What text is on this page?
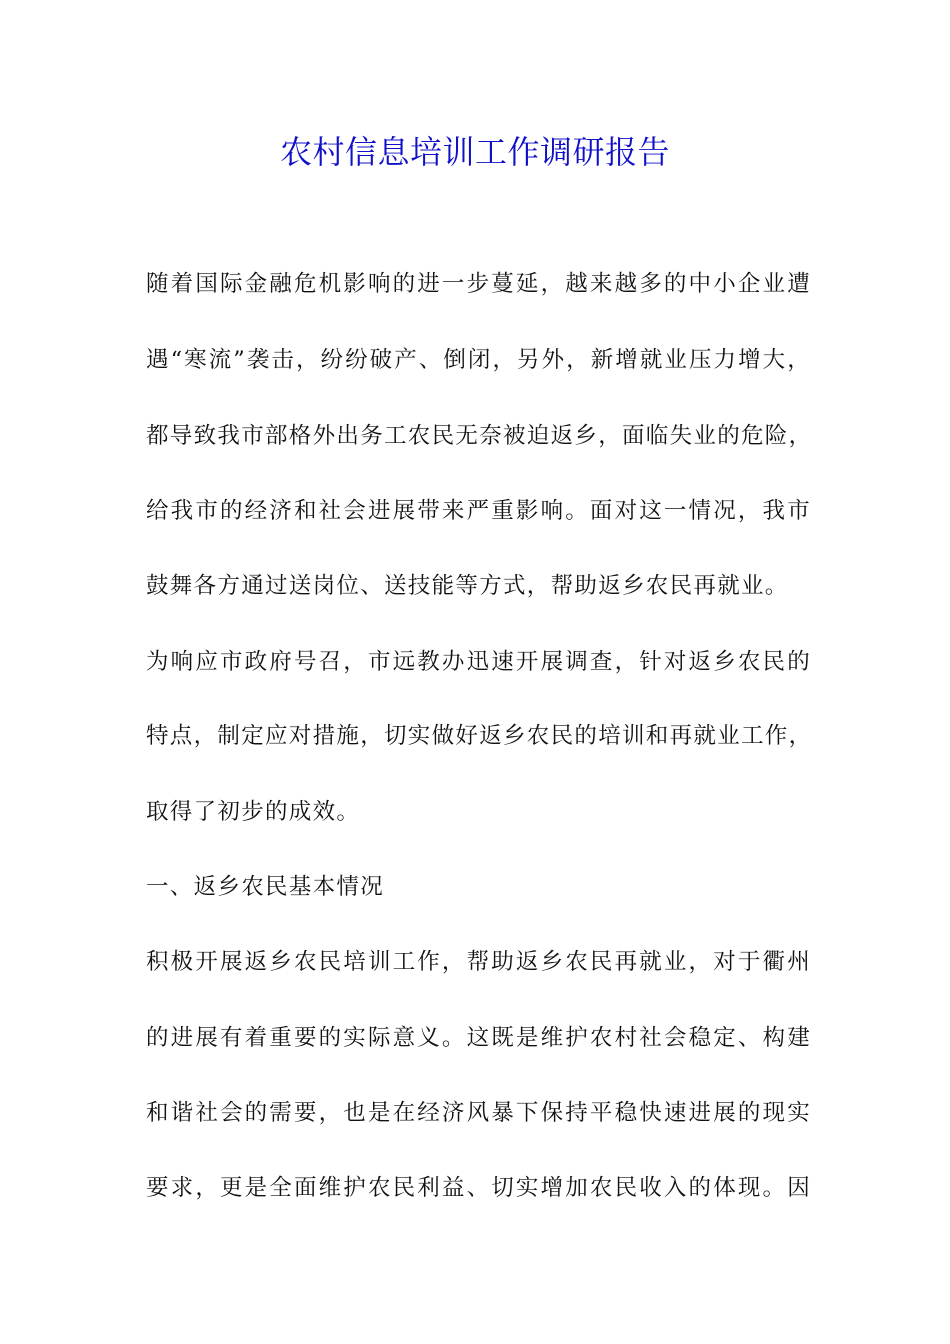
农村信息培训工作调研报告
随着国际金融危机影响的进一步蔓延，越来越多的中小企业遭
遇“寒流”袭击，纷纷破产、倒闭，另外，新增就业压力增大，
都导致我市部格外出务工农民无奈被迫返乡，面临失业的危险，
给我市的经济和社会进展带来严重影响。面对这一情况，我市
鼓舞各方通过送岗位、送技能等方式，帮助返乡农民再就业。
为响应市政府号召，市远教办迅速开展调查，针对返乡农民的
特点，制定应对措施，切实做好返乡农民的培训和再就业工作，
取得了初步的成效。
一、返乡农民基本情况
积极开展返乡农民培训工作，帮助返乡农民再就业，对于衢州
的进展有着重要的实际意义。这既是维护农村社会稳定、构建
和谐社会的需要，也是在经济风暴下保持平稳快速进展的现实
要求，更是全面维护农民利益、切实增加农民收入的体现。因
